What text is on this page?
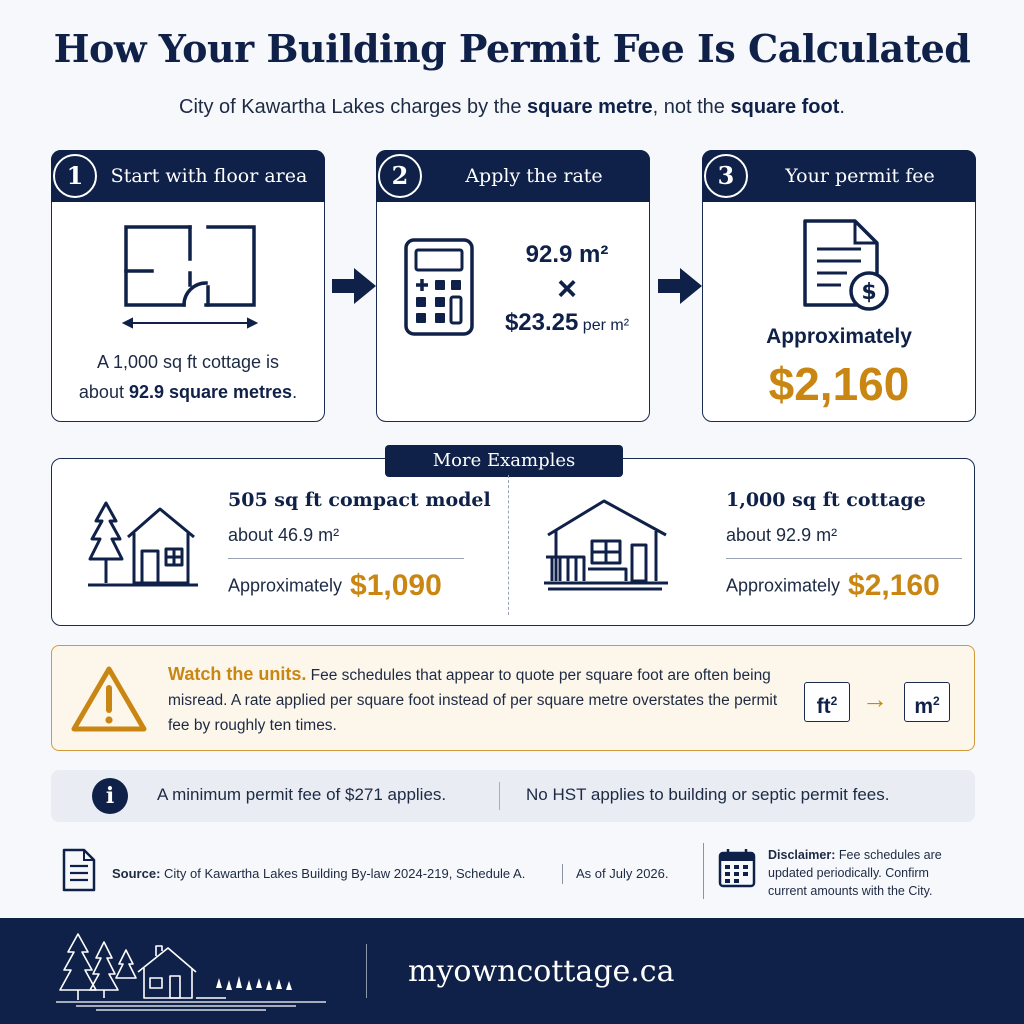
How Your Building Permit Fee Is Calculated
City of Kawartha Lakes charges by the square metre, not the square foot.
1	Start with floor area
A 1,000 sq ft cottage is
about 92.9 square metres.
2	Apply the rate
92.9 m²
×
$23.25 per m²
3	Your permit fee
$
Approximately
$2,160
More Examples
505 sq ft compact model
about 46.9 m²
Approximately $1,090
1,000 sq ft cottage
about 92.9 m²
Approximately $2,160
Watch the units. Fee schedules that appear to quote per square foot are often being misread. A rate applied per square foot instead of per square metre overstates the permit fee by roughly ten times.
$ft^2$ →	$m^2$
i	A minimum permit fee of $271 applies.	No HST applies to building or septic permit fees.
Source: City of Kawartha Lakes Building By-law 2024-219, Schedule A.	As of July 2026.
Disclaimer: Fee schedules are updated periodically. Confirm current amounts with the City.
myowncottage.ca
